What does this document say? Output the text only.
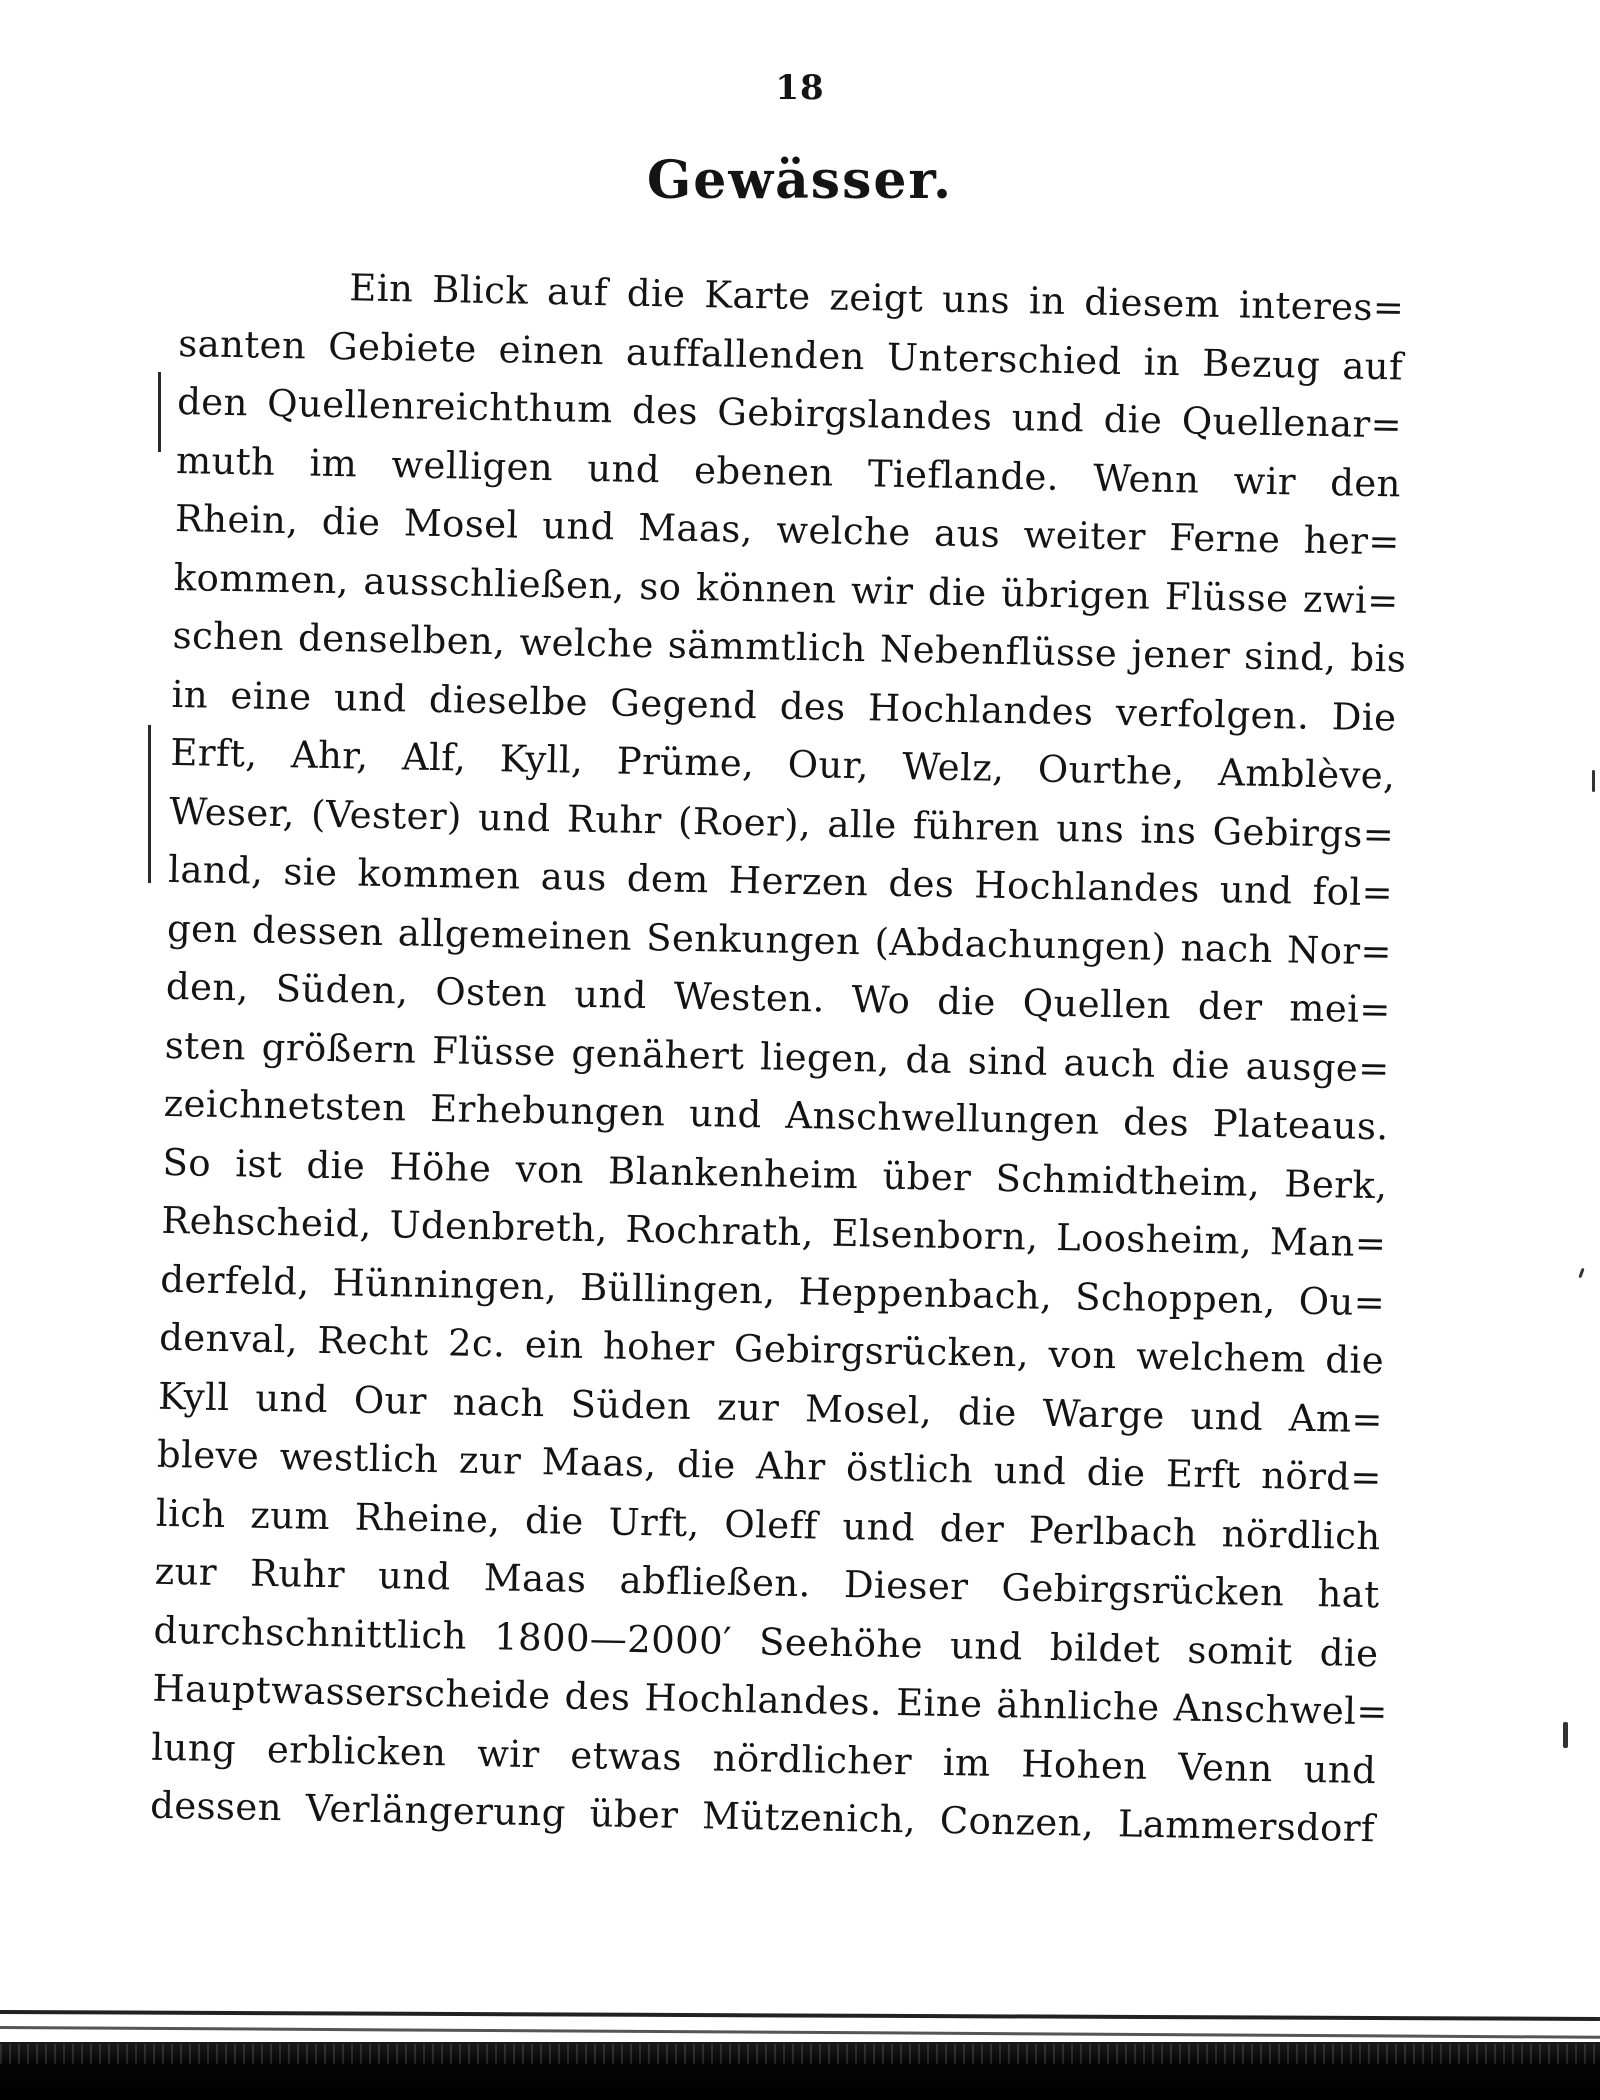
18
Gewässer.
Ein Blick auf die Karte zeigt uns in diesem interes=
santen Gebiete einen auffallenden Unterschied in Bezug auf
den Quellenreichthum des Gebirgslandes und die Quellenar=
muth im welligen und ebenen Tieflande. Wenn wir den
Rhein, die Mosel und Maas, welche aus weiter Ferne her=
kommen, ausschließen, so können wir die übrigen Flüsse zwi=
schen denselben, welche sämmtlich Nebenflüsse jener sind, bis
in eine und dieselbe Gegend des Hochlandes verfolgen. Die
Erft, Ahr, Alf, Kyll, Prüme, Our, Welz, Ourthe, Amblève,
Weser, (Vester) und Ruhr (Roer), alle führen uns ins Gebirgs=
land, sie kommen aus dem Herzen des Hochlandes und fol=
gen dessen allgemeinen Senkungen (Abdachungen) nach Nor=
den, Süden, Osten und Westen. Wo die Quellen der mei=
sten größern Flüsse genähert liegen, da sind auch die ausge=
zeichnetsten Erhebungen und Anschwellungen des Plateaus.
So ist die Höhe von Blankenheim über Schmidtheim, Berk,
Rehscheid, Udenbreth, Rochrath, Elsenborn, Loosheim, Man=
derfeld, Hünningen, Büllingen, Heppenbach, Schoppen, Ou=
denval, Recht 2c. ein hoher Gebirgsrücken, von welchem die
Kyll und Our nach Süden zur Mosel, die Warge und Am=
bleve westlich zur Maas, die Ahr östlich und die Erft nörd=
lich zum Rheine, die Urft, Oleff und der Perlbach nördlich
zur Ruhr und Maas abfließen. Dieser Gebirgsrücken hat
durchschnittlich 1800—2000′ Seehöhe und bildet somit die
Hauptwasserscheide des Hochlandes. Eine ähnliche Anschwel=
lung erblicken wir etwas nördlicher im Hohen Venn und
dessen Verlängerung über Mützenich, Conzen, Lammersdorf
